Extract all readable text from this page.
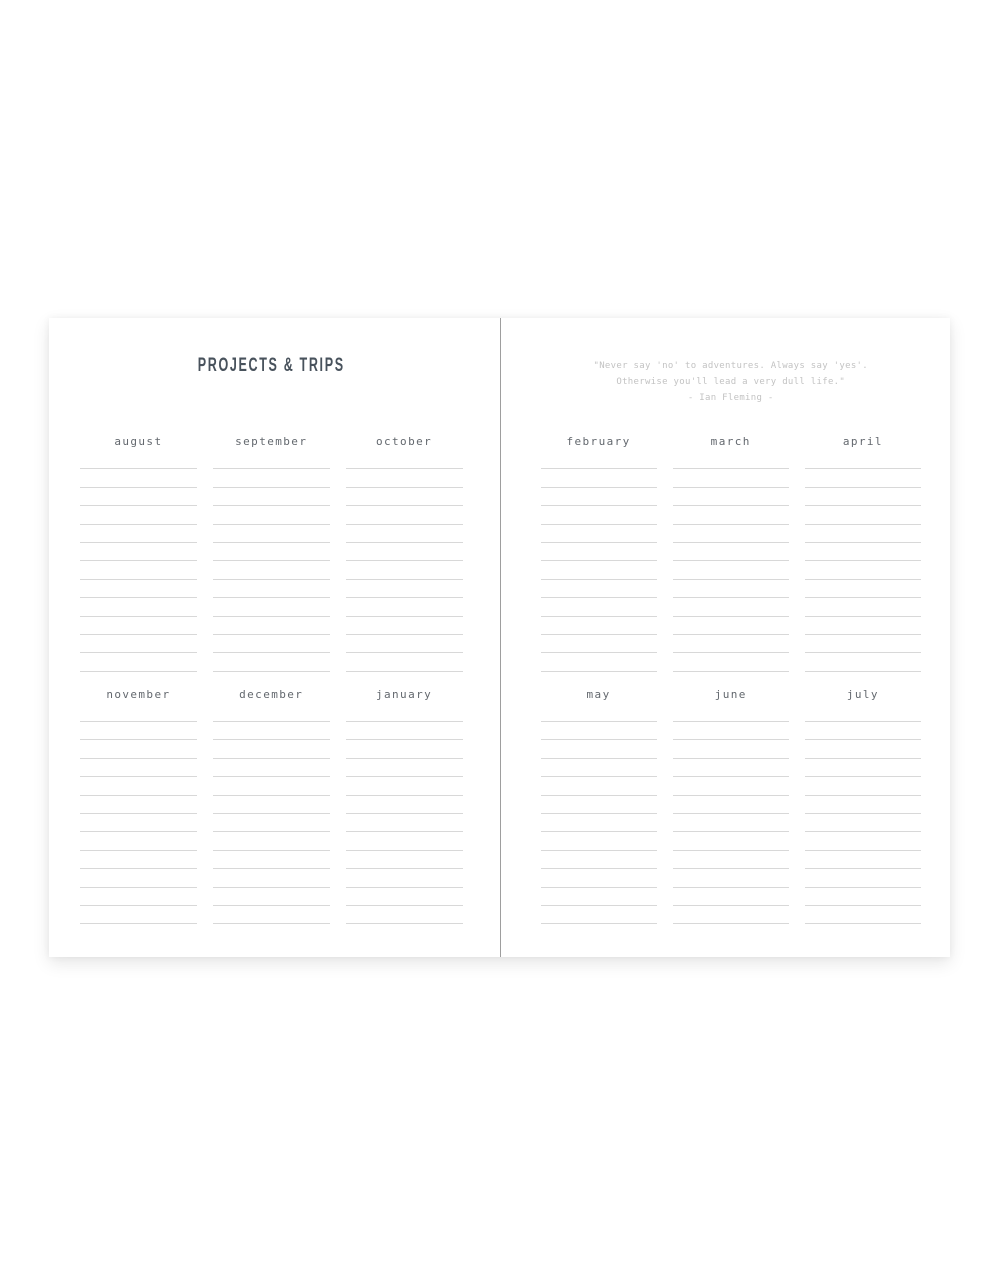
PROJECTS & TRIPS
august	september	october
november	december	january
"Never say 'no' to adventures. Always say 'yes'.
Otherwise you'll lead a very dull life."
- Ian Fleming -
february	march	april
may	june	july
